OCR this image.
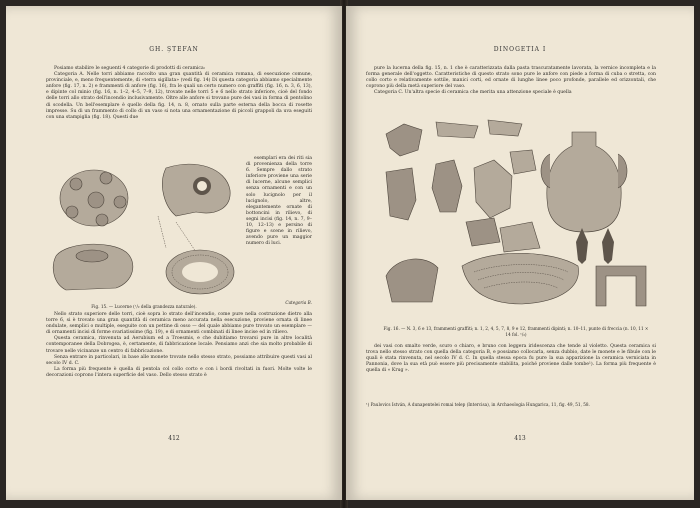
GH. ȘTEFAN

Posiamo stabilire le seguenti 4 categorie di prodotti di ceramica:

Categoria A. Nelle torri abbiamo raccolto una gran quantità di ceramica romana, di esecuzione comune, provinciale, e, meno frequentemente, di «terra sigillata» (vedi fig. 14) Di questa categoria abbiamo specialmente anfore (fig. 17, n. 2) e frammenti di anfore (fig. 16), fra le quali un certo numero con graffiti (fig. 16, n. 3, 6, 13), e dipinte col minio (fig. 16, n. 1–2, 4–5, 7–9, 12), trovate nelle torri 5 e 6 nello strato inferiore, cioè del fondo delle torri allo strato dell'incendio inclusivamente. Oltre alle anfore si trovano pure dei vasi in forma di pentolino di scodella. Un bell'esemplare è quello della fig. 14, n. 8, ornato sulla parte esterna della bocca di rosette impresse. Su di un frammento di collo di un vaso si nota una ornamentazione di piccoli grappoli da uva eseguiti con una stampiglia (fig. 18). Questi due

esemplari era dei riti sia di provenienza della torre 6. Sempre dallo strato inferiore proviene una serie di lucerne, alcune semplici senza ornamenti e con un solo lucignolo per il lucignolo, altre, elegantemente ornate di bottoncini in rilievo, di segni incisi (fig. 14, n. 7, 9–10, 12–13) e persino di figure e scene in rilievo, avendo pure un maggior numero di luci.

Fig. 15. — Lucerne (¹/₂ della grandezza naturale).
Categoria B.

Nello strato superiore delle torri, cioè sopra lo strato dell'incendio, come pure nella costruzione dietro alla torre 6, si è trovato una gran quantità di ceramica meno accurata nella esecuzione, proviene ornata di linee ondulate, semplici o multiple, eseguite con un pettine di osso — del quale abbiamo pure trovato un esemplare — di ornamenti incisi di forme svariatissime (fig. 19), e di ornamenti combinati di linee incise ed in rilievo.

Questa ceramica, rinvenuta ad Aerubium ed a Troesmis, e che dubitiamo trovarsi pure in altre località contemporanee della Dobrogea, è, certamente, di fabbricazione locale. Pensiamo anzi che sia molto probabile di trovare nelle vicinanze un centro di fabbricazione.

Senza entrare in particolari, in base alle monete trovate nello stesso strato, possiamo attribuire questi vasi al secolo IV d. C.

La forma più frequente è quella di pentola col collo corto e con i bordi rivoltati in fuori. Molte volte le decorazioni coprono l'intera superficie del vaso. Dello stesso strato è

412
DINOGETIA I

pure la lucerna della fig. 15, n. 1 che è caratterizzata dalla pasta trascuratamente lavorata, la vernice incompleta e la forma generale dell'oggetto. Caratteristiche di questo strato sono pure le anfore con piede a forma di cuba o stretta, con collo corto e relativamente sottile, manici corti, ed ornate di lunghe linee poco profonde, parallele ed orizzontali, che coprono più della metà superiore del vaso.

Categoria C. Un'altra specie di ceramica che merita una attenzione speciale è quella

Fig. 16. — N. 3, 6 e 13, frammenti graffiti; n. 1, 2, 4, 5, 7, 8, 9 e 12, frammenti dipinti; n. 10–11, punte di freccia (n. 10, 11 × 14 fol. ¹/₂)

dei vasi con smalto verde, scuro o chiaro, e bruno con leggera iridescenza che tende al violetto. Questa ceramica si trova nello stesso strato con quella della categoria B, e possiamo collocarla, senza dubbio, date le monete e le fibule con le quali è stata rinvenuta, nel secolo IV d. C. In quella stessa epoca fu pure la sua apparizione la ceramica verniciata in Pannonia, dove la sua età può essere più precisamente stabilita, poiché proviene dalle tombe¹). La forma più frequente è quella di « Krug ».

¹) Paulovics István, A dunapentelei romai telep (Intercisa), in Archaeologia Hungarica, 11, fig. 49, 51, 58.
413
